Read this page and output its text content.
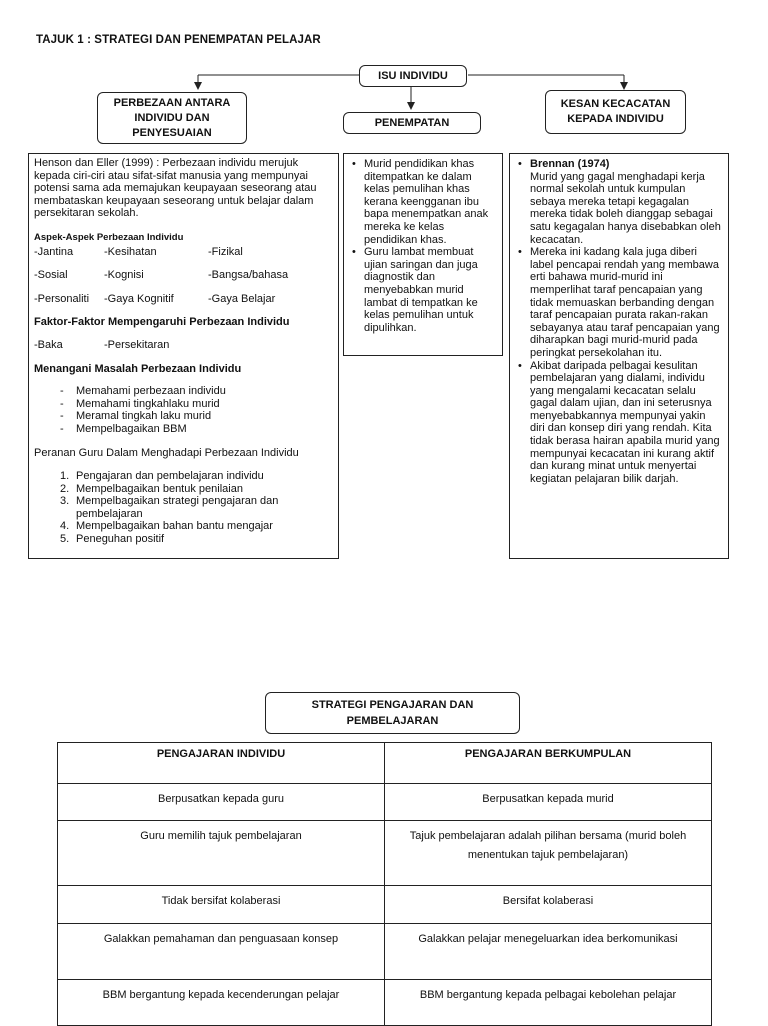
TAJUK 1 : STRATEGI DAN PENEMPATAN PELAJAR
ISU INDIVIDU
PERBEZAAN ANTARA INDIVIDU DAN PENYESUAIAN
PENEMPATAN
KESAN KECACATAN KEPADA INDIVIDU

Henson dan Eller (1999) : Perbezaan individu merujuk kepada ciri-ciri atau sifat-sifat manusia yang mempunyai potensi sama ada memajukan keupayaan seseorang atau membataskan keupayaan seseorang untuk belajar dalam persekitaran sekolah.

Aspek-Aspek Perbezaan Individu

-Jantina	-Kesihatan	-Fizikal
-Sosial	-Kognisi	-Bangsa/bahasa
-Personaliti	-Gaya Kognitif	-Gaya Belajar

Faktor-Faktor Mempengaruhi Perbezaan Individu

-Baka	-Persekitaran

Menangani Masalah Perbezaan Individu

- Memahami perbezaan individu
- Memahami tingkahlaku murid
- Meramal tingkah laku murid
- Mempelbagaikan BBM

Peranan Guru Dalam Menghadapi Perbezaan Individu

1. Pengajaran dan pembelajaran individu
2. Mempelbagaikan bentuk penilaian
3. Mempelbagaikan strategi pengajaran dan pembelajaran
4. Mempelbagaikan bahan bantu mengajar
5. Peneguhan positif
• Murid pendidikan khas ditempatkan ke dalam kelas pemulihan khas kerana keengganan ibu bapa menempatkan anak mereka ke kelas pendidikan khas.
• Guru lambat membuat ujian saringan dan juga diagnostik dan menyebabkan murid lambat di tempatkan ke kelas pemulihan untuk dipulihkan.
• Brennan (1974)
Murid yang gagal menghadapi kerja normal sekolah untuk kumpulan sebaya mereka tetapi kegagalan mereka tidak boleh dianggap sebagai satu kegagalan hanya disebabkan oleh kecacatan.
• Mereka ini kadang kala juga diberi label pencapai rendah yang membawa erti bahawa murid-murid ini memperlihat taraf pencapaian yang tidak memuaskan berbanding dengan taraf pencapaian purata rakan-rakan sebayanya atau taraf pencapaian yang diharapkan bagi murid-murid pada peringkat persekolahan itu.
• Akibat daripada pelbagai kesulitan pembelajaran yang dialami, individu yang mengalami kecacatan selalu gagal dalam ujian, dan ini seterusnya menyebabkannya mempunyai yakin diri dan konsep diri yang rendah. Kita tidak berasa hairan apabila murid yang mempunyai kecacatan ini kurang aktif dan kurang minat untuk menyertai kegiatan pelajaran bilik darjah.
STRATEGI PENGAJARAN DAN PEMBELAJARAN
PENGAJARAN INDIVIDU	PENGAJARAN BERKUMPULAN
Berpusatkan kepada guru	Berpusatkan kepada murid
Guru memilih tajuk pembelajaran	Tajuk pembelajaran adalah pilihan bersama (murid boleh menentukan tajuk pembelajaran)
Tidak bersifat kolaberasi	Bersifat kolaberasi
Galakkan pemahaman dan penguasaan konsep	Galakkan pelajar menegeluarkan idea berkomunikasi
BBM bergantung kepada kecenderungan pelajar	BBM bergantung kepada pelbagai kebolehan pelajar
